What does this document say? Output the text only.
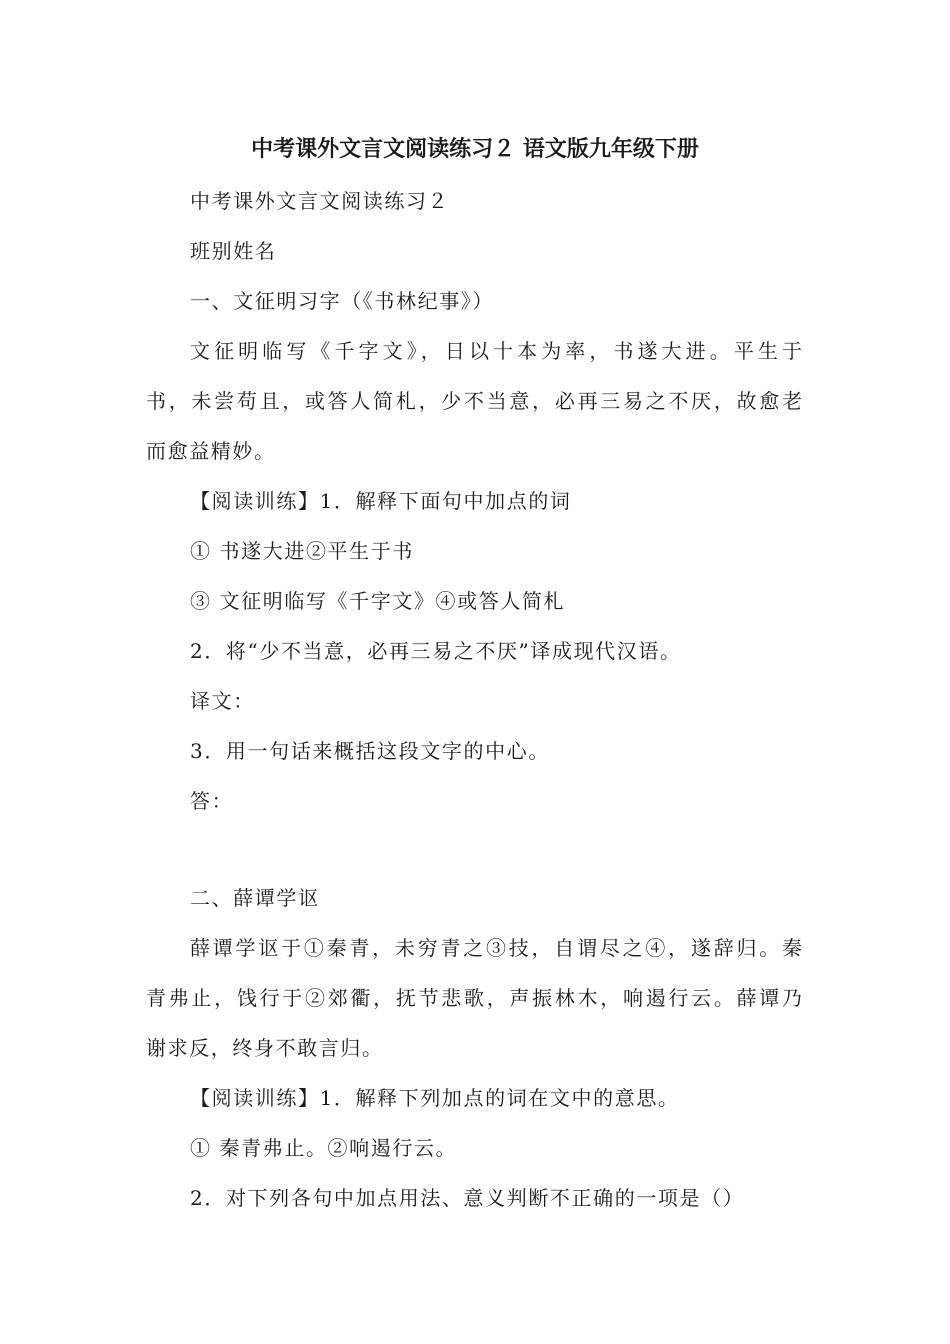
中考课外文言文阅读练习２ 语文版九年级下册
中考课外文言文阅读练习２
班别姓名
一、文征明习字（《书林纪事》）
文征明临写《千字文》，日以十本为率，书遂大进。平生于
书，未尝苟且，或答人简札，少不当意，必再三易之不厌，故愈老
而愈益精妙。
【阅读训练】1．解释下面句中加点的词
① 书遂大进②平生于书
③ 文征明临写《千字文》④或答人简札
2．将“少不当意，必再三易之不厌”译成现代汉语。
译文：
3．用一句话来概括这段文字的中心。
答：
二、薛谭学讴
薛谭学讴于①秦青，未穷青之③技，自谓尽之④，遂辞归。秦
青弗止，饯行于②郊衢，抚节悲歌，声振林木，响遏行云。薛谭乃
谢求反，终身不敢言归。
【阅读训练】1．解释下列加点的词在文中的意思。
① 秦青弗止。②响遏行云。
2．对下列各句中加点用法、意义判断不正确的一项是（）
